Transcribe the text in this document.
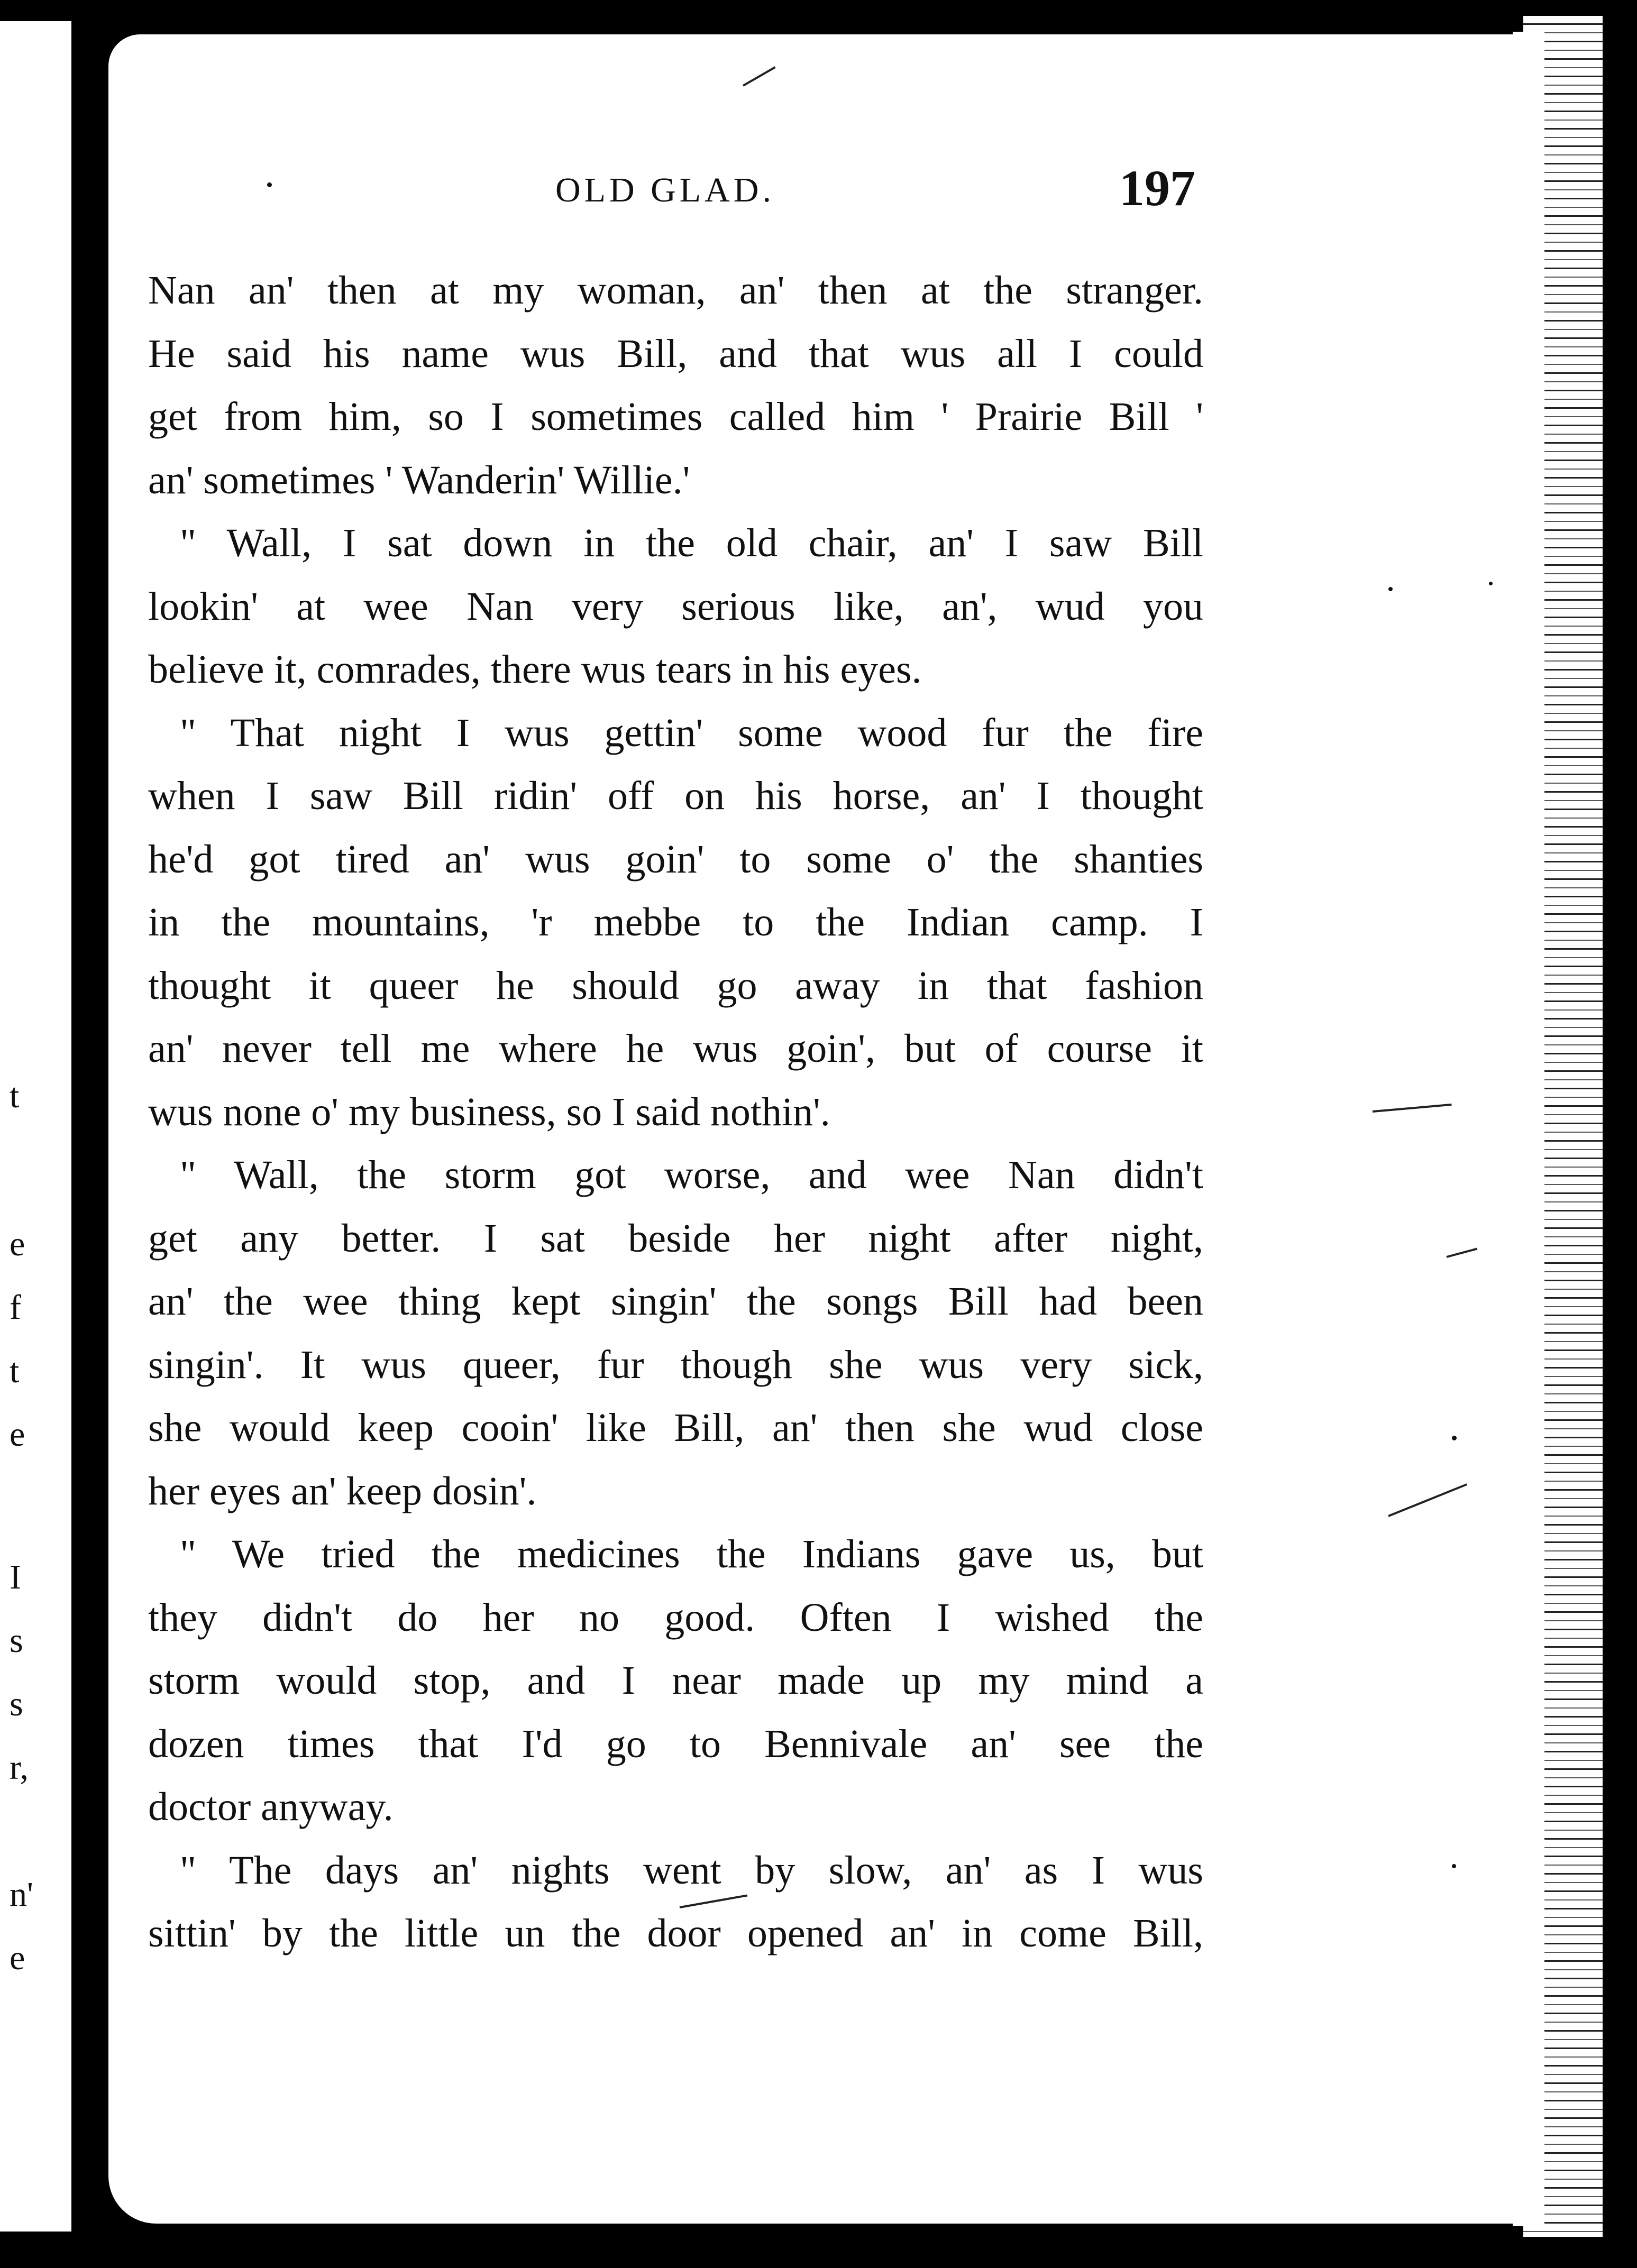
t
e
f
t
e
I
s
s
r,
n'
e
OLD GLAD.	197
Nan an' then at my woman, an' then at the stranger.
He said his name wus Bill, and that wus all I could
get from him, so I sometimes called him ' Prairie Bill '
an' sometimes ' Wanderin' Willie.'
" Wall, I sat down in the old chair, an' I saw Bill
lookin' at wee Nan very serious like, an', wud you
believe it, comrades, there wus tears in his eyes.
" That night I wus gettin' some wood fur the fire
when I saw Bill ridin' off on his horse, an' I thought
he'd got tired an' wus goin' to some o' the shanties
in the mountains, 'r mebbe to the Indian camp. I
thought it queer he should go away in that fashion
an' never tell me where he wus goin', but of course it
wus none o' my business, so I said nothin'.
" Wall, the storm got worse, and wee Nan didn't
get any better. I sat beside her night after night,
an' the wee thing kept singin' the songs Bill had been
singin'. It wus queer, fur though she wus very sick,
she would keep cooin' like Bill, an' then she wud close
her eyes an' keep dosin'.
" We tried the medicines the Indians gave us, but
they didn't do her no good. Often I wished the
storm would stop, and I near made up my mind a
dozen times that I'd go to Bennivale an' see the
doctor anyway.
" The days an' nights went by slow, an' as I wus
sittin' by the little un the door opened an' in come Bill,
